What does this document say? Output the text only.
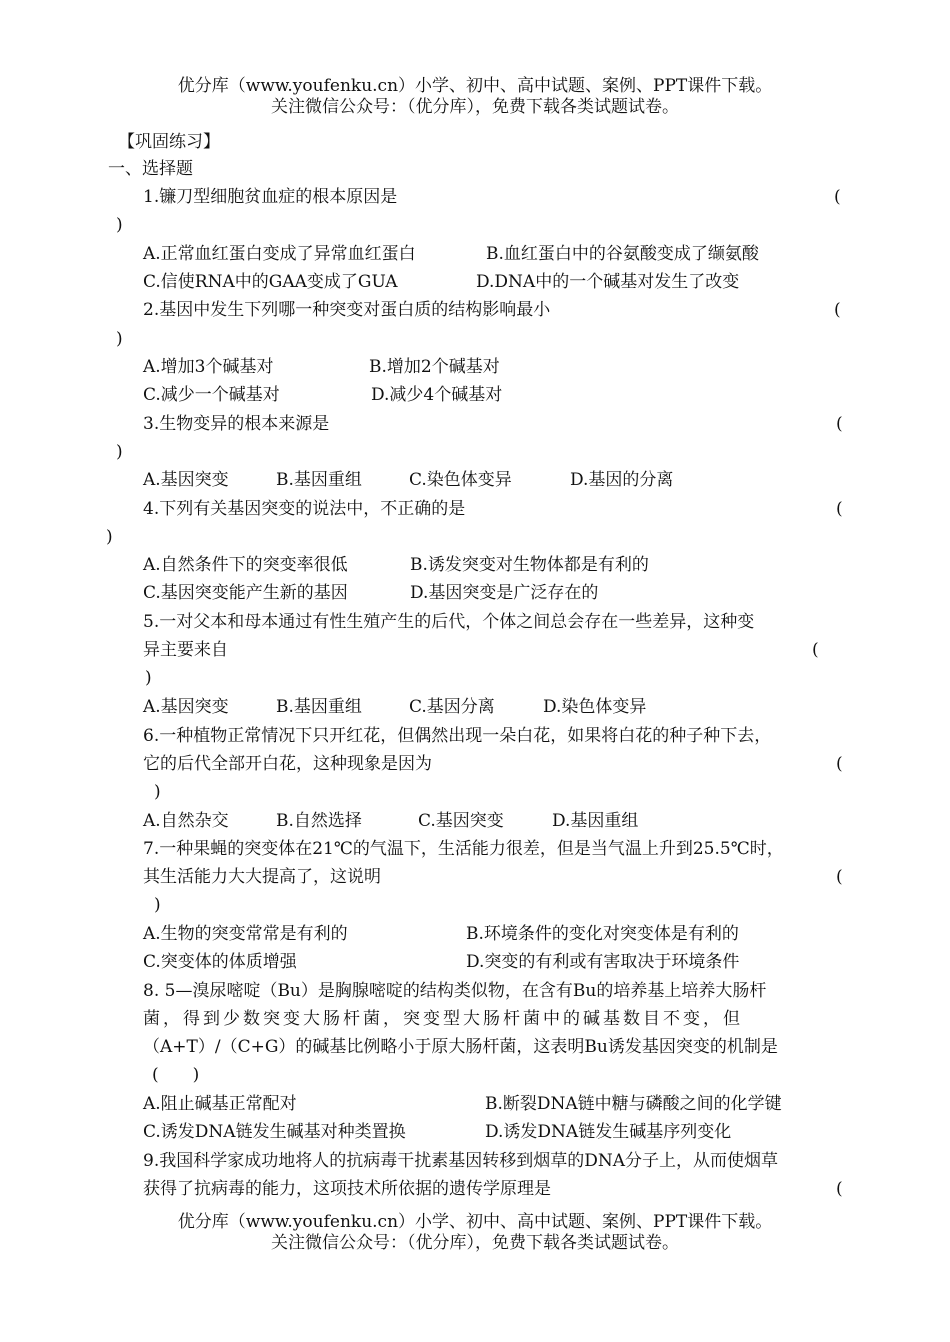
优分库（www.youfenku.cn）小学、初中、高中试题、案例、PPT课件下载。
关注微信公众号：（优分库），免费下载各类试题试卷。
【巩固练习】
一、选择题
1.镰刀型细胞贫血症的根本原因是	(
)
A.正常血红蛋白变成了异常血红蛋白	B.血红蛋白中的谷氨酸变成了缬氨酸
C.信使RNA中的GAA变成了GUA	D.DNA中的一个碱基对发生了改变
2.基因中发生下列哪一种突变对蛋白质的结构影响最小	(
)
A.增加3个碱基对	B.增加2个碱基对
C.减少一个碱基对	D.减少4个碱基对
3.生物变异的根本来源是	(
)
A.基因突变	B.基因重组	C.染色体变异	D.基因的分离
4.下列有关基因突变的说法中，不正确的是	(
)
A.自然条件下的突变率很低	B.诱发突变对生物体都是有利的
C.基因突变能产生新的基因	D.基因突变是广泛存在的
5.一对父本和母本通过有性生殖产生的后代，个体之间总会存在一些差异，这种变
异主要来自	(
)
A.基因突变	B.基因重组	C.基因分离	D.染色体变异
6.一种植物正常情况下只开红花，但偶然出现一朵白花，如果将白花的种子种下去，
它的后代全部开白花，这种现象是因为	(
)
A.自然杂交	B.自然选择	C.基因突变	D.基因重组
7.一种果蝇的突变体在21℃的气温下，生活能力很差，但是当气温上升到25.5℃时，
其生活能力大大提高了，这说明	(
)
A.生物的突变常常是有利的	B.环境条件的变化对突变体是有利的
C.突变体的体质增强	D.突变的有利或有害取决于环境条件
8. 5—溴尿嘧啶（Bu）是胸腺嘧啶的结构类似物，在含有Bu的培养基上培养大肠杆
菌，得到少数突变大肠杆菌，突变型大肠杆菌中的碱基数目不变，但
（A+T）/（C+G）的碱基比例略小于原大肠杆菌，这表明Bu诱发基因突变的机制是
(　　)
A.阻止碱基正常配对	B.断裂DNA链中糖与磷酸之间的化学键
C.诱发DNA链发生碱基对种类置换	D.诱发DNA链发生碱基序列变化
9.我国科学家成功地将人的抗病毒干扰素基因转移到烟草的DNA分子上，从而使烟草
获得了抗病毒的能力，这项技术所依据的遗传学原理是	(
优分库（www.youfenku.cn）小学、初中、高中试题、案例、PPT课件下载。
关注微信公众号：（优分库），免费下载各类试题试卷。
